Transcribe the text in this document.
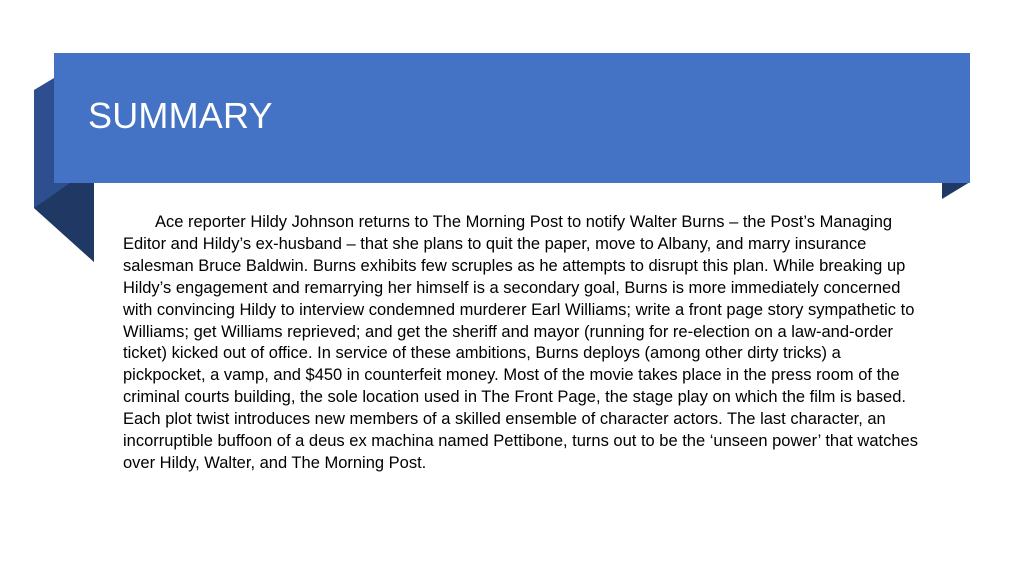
SUMMARY

Ace reporter Hildy Johnson returns to The Morning Post to notify Walter Burns – the Post’s Managing Editor and Hildy’s ex-husband – that she plans to quit the paper, move to Albany, and marry insurance salesman Bruce Baldwin. Burns exhibits few scruples as he attempts to disrupt this plan. While breaking up Hildy’s engagement and remarrying her himself is a secondary goal, Burns is more immediately concerned with convincing Hildy to interview condemned murderer Earl Williams; write a front page story sympathetic to Williams; get Williams reprieved; and get the sheriff and mayor (running for re-election on a law-and-order ticket) kicked out of office. In service of these ambitions, Burns deploys (among other dirty tricks) a pickpocket, a vamp, and $450 in counterfeit money. Most of the movie takes place in the press room of the criminal courts building, the sole location used in The Front Page, the stage play on which the film is based. Each plot twist introduces new members of a skilled ensemble of character actors. The last character, an incorruptible buffoon of a deus ex machina named Pettibone, turns out to be the ‘unseen power’ that watches over Hildy, Walter, and The Morning Post.
